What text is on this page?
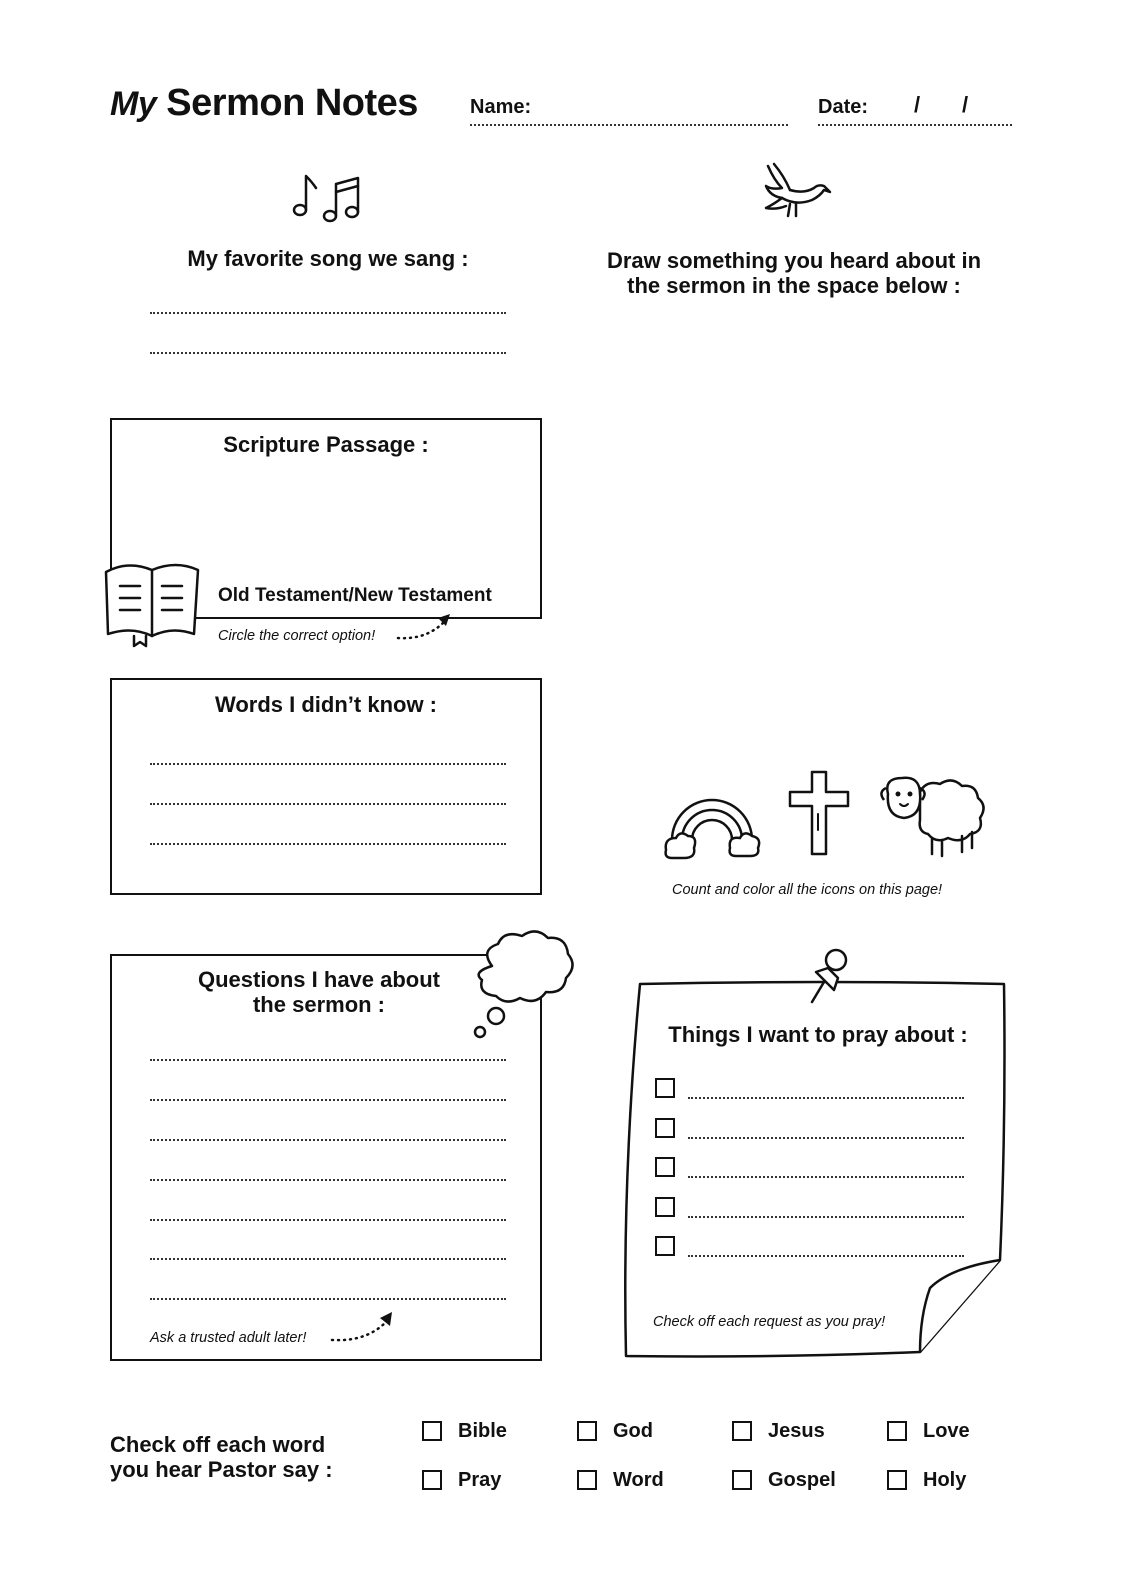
My Sermon Notes	Name:	Date: / /
My favorite song we sang :	Draw something you heard about in
the sermon in the space below :
Scripture Passage :
Old Testament/New Testament
Circle the correct option!
Words I didn’t know :
Count and color all the icons on this page!
Questions I have about
the sermon :
Ask a trusted adult later!
Things I want to pray about :
Check off each request as you pray!
Check off each word
you hear Pastor say :
Bible	God	Jesus	Love
Pray	Word	Gospel	Holy
